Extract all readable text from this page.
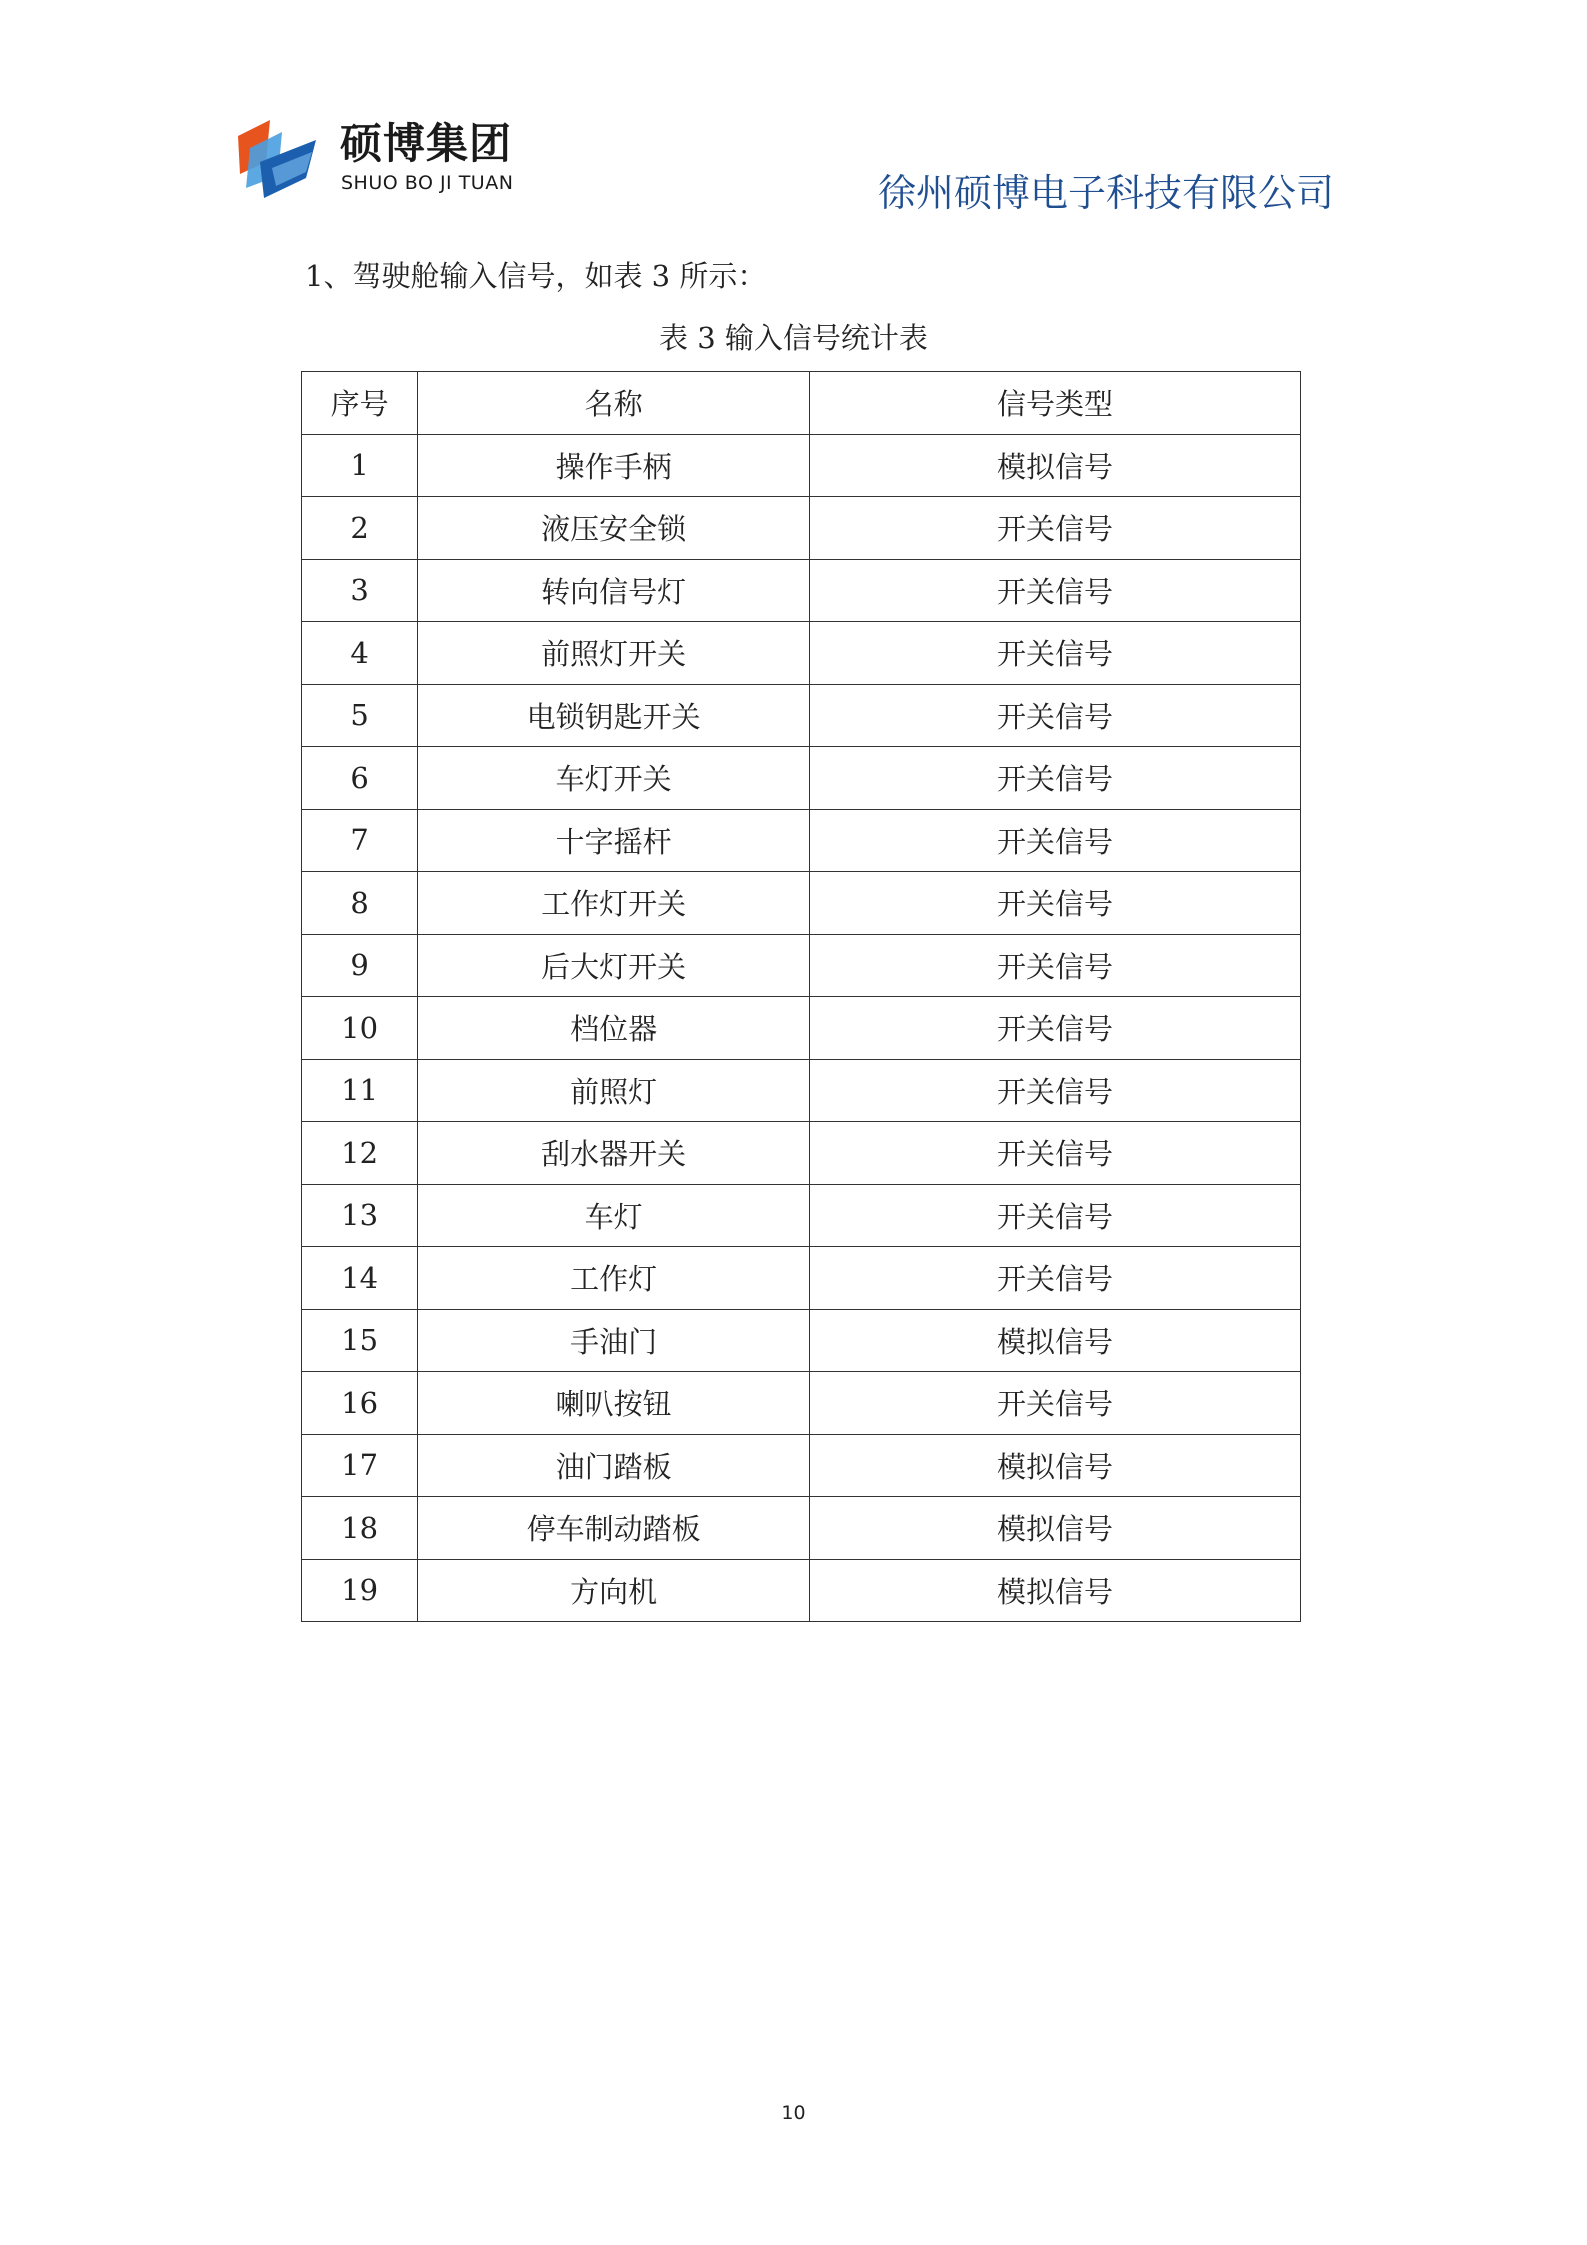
硕博集团
SHUO BO JI TUAN	徐州硕博电子科技有限公司
1、驾驶舱输入信号，如表 3 所示：
表 3 输入信号统计表
序号	名称	信号类型
1	操作手柄	模拟信号
2	液压安全锁	开关信号
3	转向信号灯	开关信号
4	前照灯开关	开关信号
5	电锁钥匙开关	开关信号
6	车灯开关	开关信号
7	十字摇杆	开关信号
8	工作灯开关	开关信号
9	后大灯开关	开关信号
10	档位器	开关信号
11	前照灯	开关信号
12	刮水器开关	开关信号
13	车灯	开关信号
14	工作灯	开关信号
15	手油门	模拟信号
16	喇叭按钮	开关信号
17	油门踏板	模拟信号
18	停车制动踏板	模拟信号
19	方向机	模拟信号
10
